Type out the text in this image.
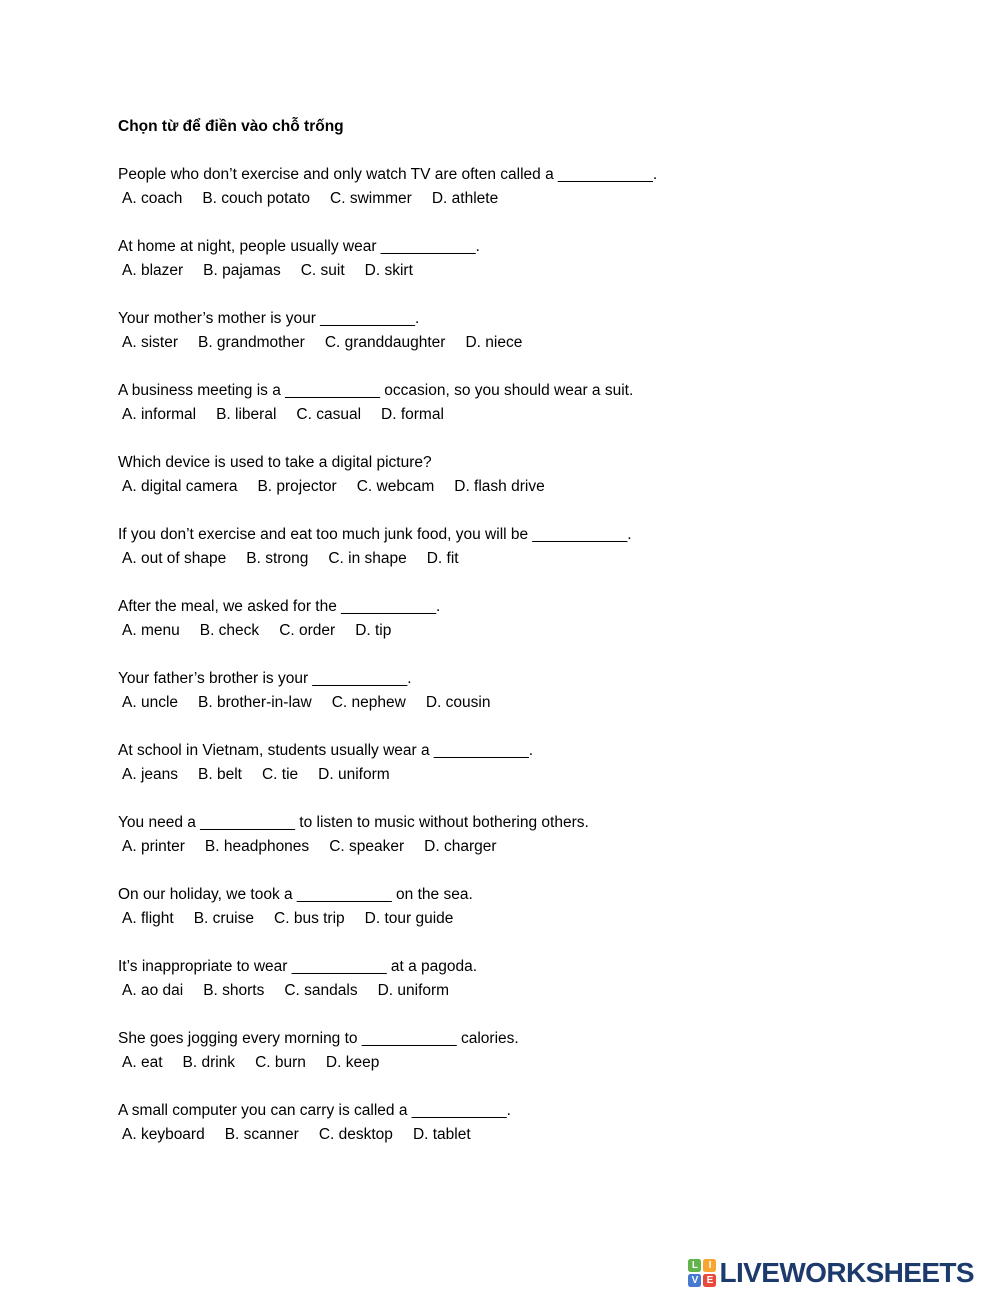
Chọn từ để điền vào chỗ trống
People who don’t exercise and only watch TV are often called a ___________.
A. coach B. couch potato C. swimmer D. athlete
At home at night, people usually wear ___________.
A. blazer B. pajamas C. suit D. skirt
Your mother’s mother is your ___________.
A. sister B. grandmother C. granddaughter D. niece
A business meeting is a ___________ occasion, so you should wear a suit.
A. informal B. liberal C. casual D. formal
Which device is used to take a digital picture?
A. digital camera B. projector C. webcam D. flash drive
If you don’t exercise and eat too much junk food, you will be ___________.
A. out of shape B. strong C. in shape D. fit
After the meal, we asked for the ___________.
A. menu B. check C. order D. tip
Your father’s brother is your ___________.
A. uncle B. brother-in-law C. nephew D. cousin
At school in Vietnam, students usually wear a ___________.
A. jeans B. belt C. tie D. uniform
You need a ___________ to listen to music without bothering others.
A. printer B. headphones C. speaker D. charger
On our holiday, we took a ___________ on the sea.
A. flight B. cruise C. bus trip D. tour guide
It’s inappropriate to wear ___________ at a pagoda.
A. ao dai B. shorts C. sandals D. uniform
She goes jogging every morning to ___________ calories.
A. eat B. drink C. burn D. keep
A small computer you can carry is called a ___________.
A. keyboard B. scanner C. desktop D. tablet
L	I
V E LIVEWORKSHEETS
